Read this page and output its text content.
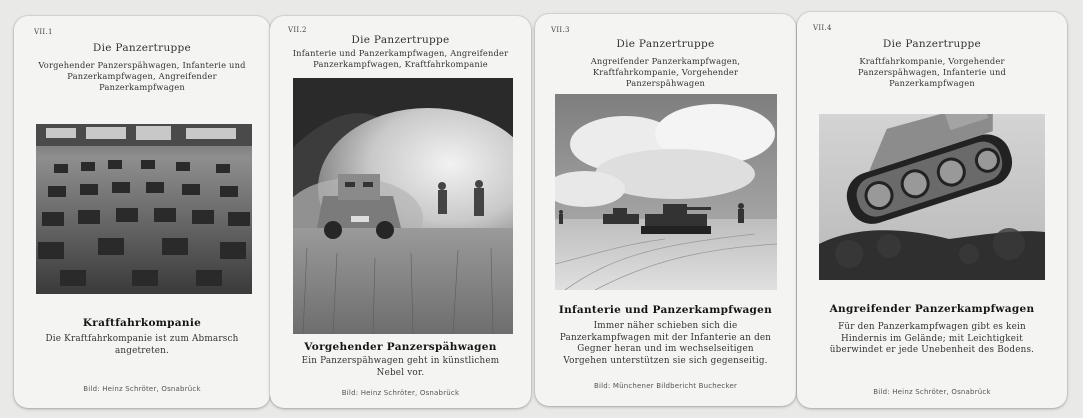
VII.1
Die Panzertruppe
Vorgehender Panzerspähwagen, Infanterie und Panzerkampfwagen, Angreifender Panzerkampfwagen
Kraftfahrkompanie
Die Kraftfahrkompanie ist zum Abmarsch angetreten.
Bild: Heinz Schröter, Osnabrück
VII.2
Die Panzertruppe
Infanterie und Panzerkampfwagen, Angreifender Panzerkampfwagen, Kraftfahrkompanie
Vorgehender Panzerspähwagen
Ein Panzerspähwagen geht in künstlichem Nebel vor.
Bild: Heinz Schröter, Osnabrück
VII.3
Die Panzertruppe
Angreifender Panzerkampfwagen, Kraftfahrkompanie, Vorgehender Panzerspähwagen
Infanterie und Panzerkampfwagen
Immer näher schieben sich die Panzerkampfwagen mit der Infanterie an den Gegner heran und im wechselseitigen Vorgehen unterstützen sie sich gegenseitig.
Bild: Münchener Bildbericht Buchecker
VII.4
Die Panzertruppe
Kraftfahrkompanie, Vorgehender Panzerspähwagen, Infanterie und Panzerkampfwagen
Angreifender Panzerkampfwagen
Für den Panzerkampfwagen gibt es kein Hindernis im Gelände; mit Leichtigkeit überwindet er jede Unebenheit des Bodens.
Bild: Heinz Schröter, Osnabrück
